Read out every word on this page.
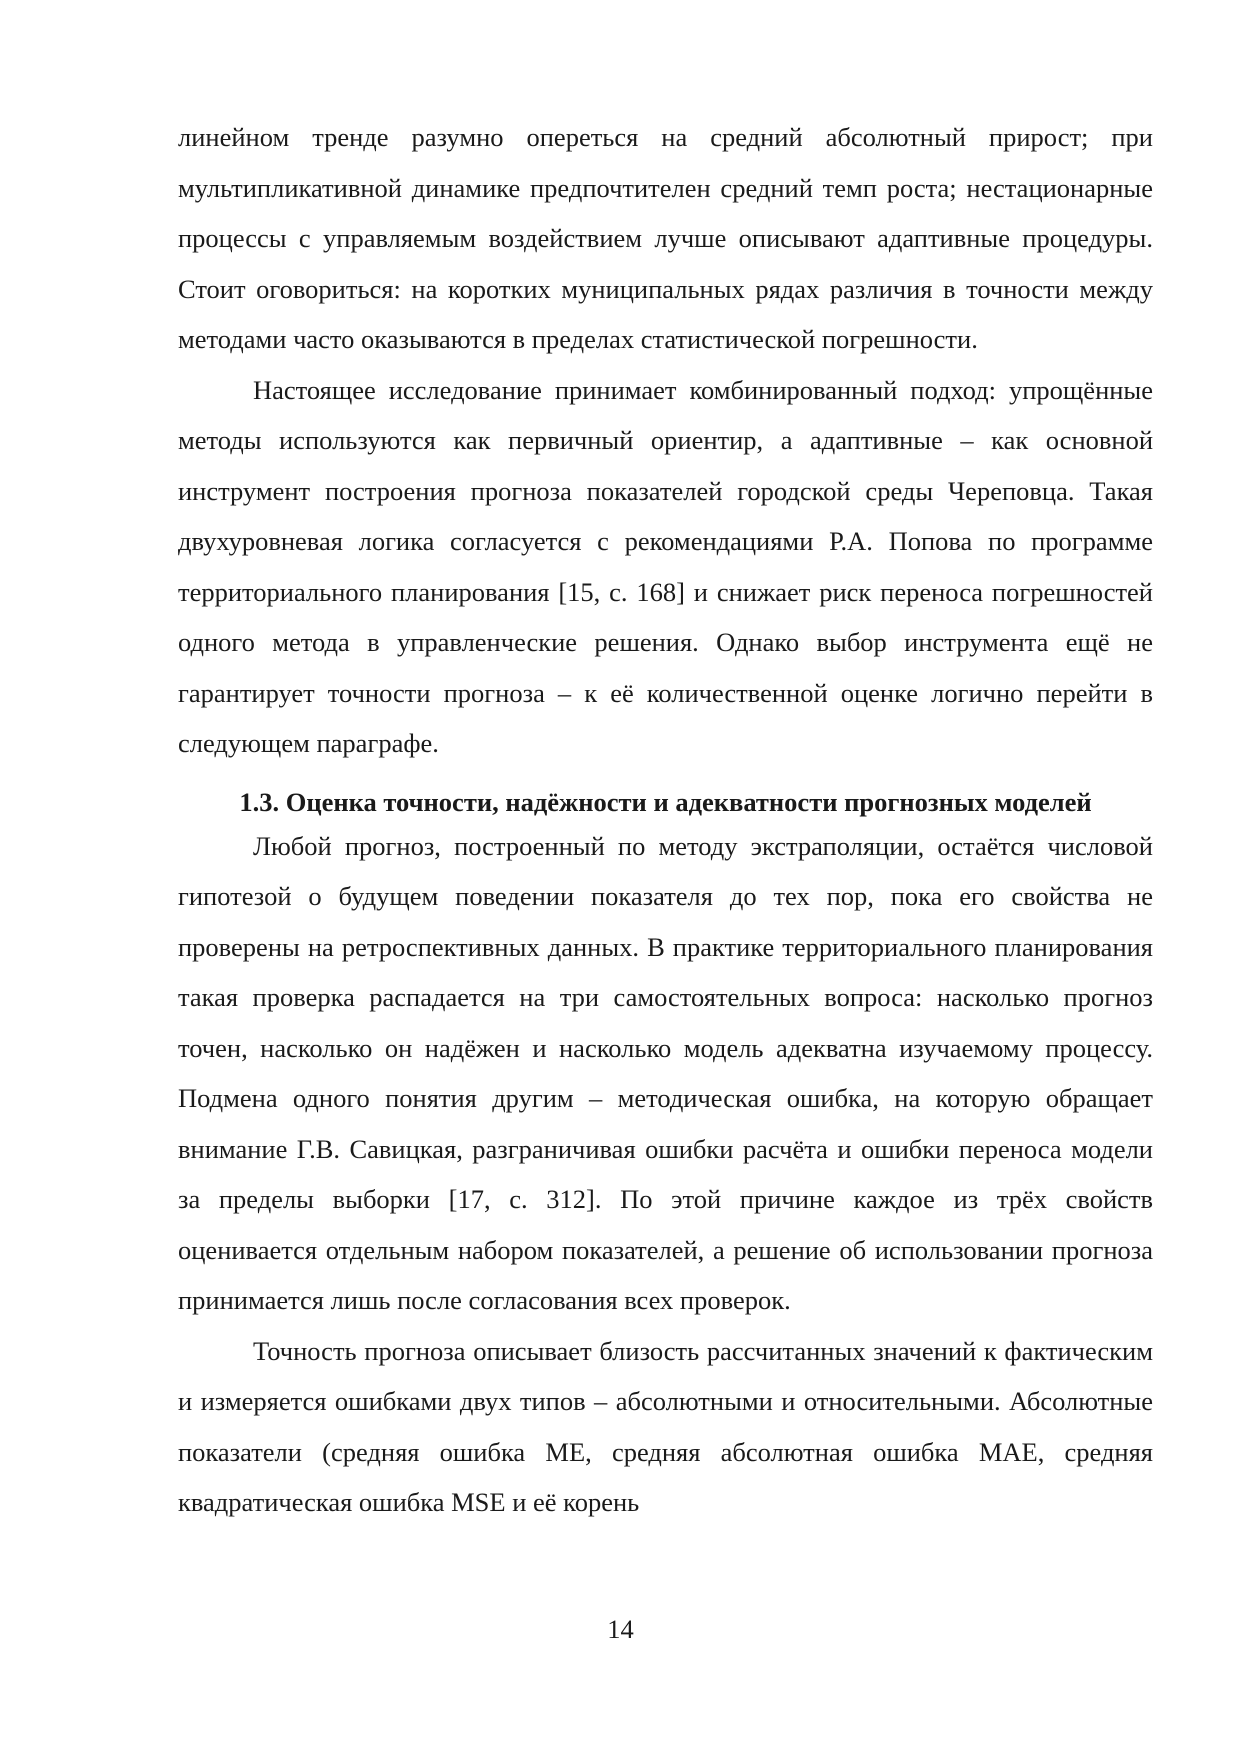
линейном тренде разумно опереться на средний абсолютный прирост; при мультипликативной динамике предпочтителен средний темп роста; нестационарные процессы с управляемым воздействием лучше описывают адаптивные процедуры. Стоит оговориться: на коротких муниципальных рядах различия в точности между методами часто оказываются в пределах статистической погрешности.

Настоящее исследование принимает комбинированный подход: упрощённые методы используются как первичный ориентир, а адаптивные – как основной инструмент построения прогноза показателей городской среды Череповца. Такая двухуровневая логика согласуется с рекомендациями Р.А. Попова по программе территориального планирования [15, с. 168] и снижает риск переноса погрешностей одного метода в управленческие решения. Однако выбор инструмента ещё не гарантирует точности прогноза – к её количественной оценке логично перейти в следующем параграфе.

1.3. Оценка точности, надёжности и адекватности прогнозных моделей

Любой прогноз, построенный по методу экстраполяции, остаётся числовой гипотезой о будущем поведении показателя до тех пор, пока его свойства не проверены на ретроспективных данных. В практике территориального планирования такая проверка распадается на три самостоятельных вопроса: насколько прогноз точен, насколько он надёжен и насколько модель адекватна изучаемому процессу. Подмена одного понятия другим – методическая ошибка, на которую обращает внимание Г.В. Савицкая, разграничивая ошибки расчёта и ошибки переноса модели за пределы выборки [17, с. 312]. По этой причине каждое из трёх свойств оценивается отдельным набором показателей, а решение об использовании прогноза принимается лишь после согласования всех проверок.

Точность прогноза описывает близость рассчитанных значений к фактическим и измеряется ошибками двух типов – абсолютными и относительными. Абсолютные показатели (средняя ошибка ME, средняя абсолютная ошибка MAE, средняя квадратическая ошибка MSE и её корень

14
